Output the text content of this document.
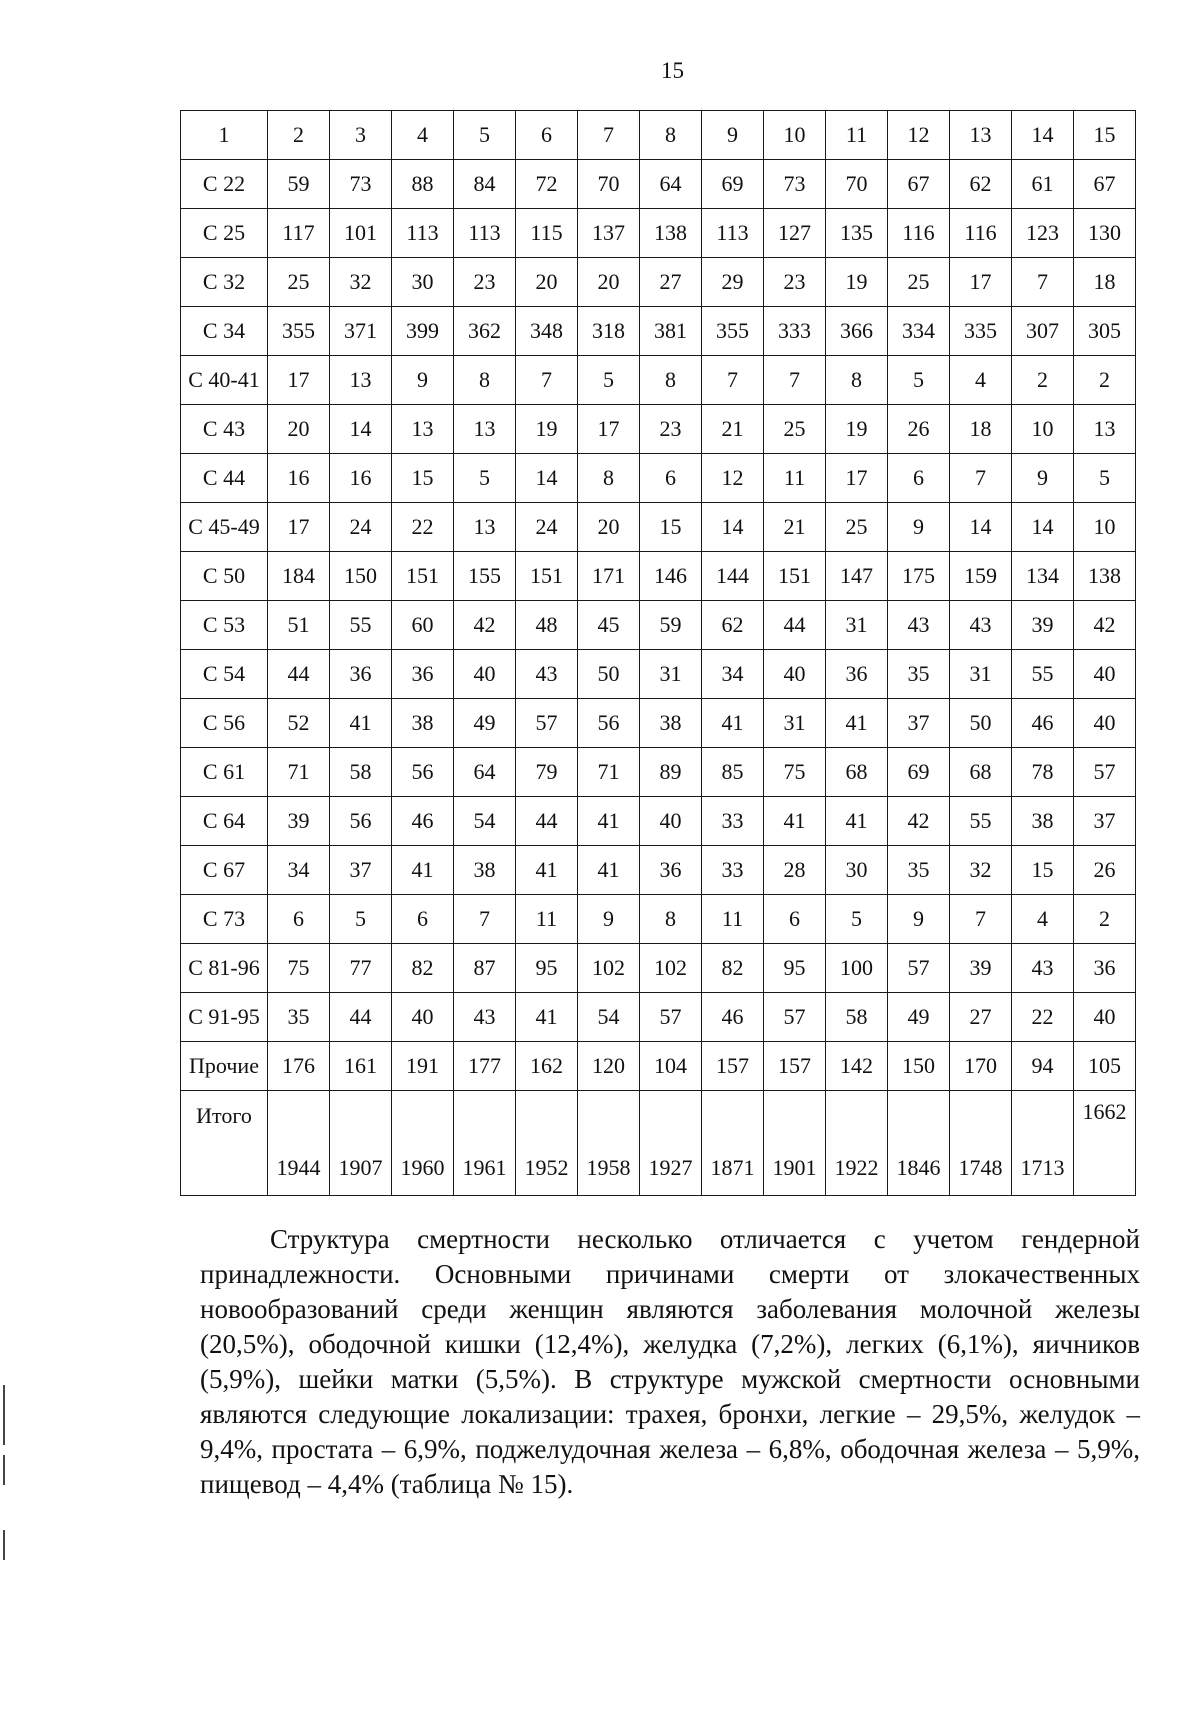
15
1	2	3	4	5	6	7	8	9	10	11	12	13	14	15
С 22	59	73	88	84	72	70	64	69	73	70	67	62	61	67
С 25	117	101	113	113	115	137	138	113	127	135	116	116	123	130
С 32	25	32	30	23	20	20	27	29	23	19	25	17	7	18
С 34	355	371	399	362	348	318	381	355	333	366	334	335	307	305
С 40-41	17	13	9	8	7	5	8	7	7	8	5	4	2	2
С 43	20	14	13	13	19	17	23	21	25	19	26	18	10	13
С 44	16	16	15	5	14	8	6	12	11	17	6	7	9	5
С 45-49	17	24	22	13	24	20	15	14	21	25	9	14	14	10
С 50	184	150	151	155	151	171	146	144	151	147	175	159	134	138
С 53	51	55	60	42	48	45	59	62	44	31	43	43	39	42
С 54	44	36	36	40	43	50	31	34	40	36	35	31	55	40
С 56	52	41	38	49	57	56	38	41	31	41	37	50	46	40
С 61	71	58	56	64	79	71	89	85	75	68	69	68	78	57
С 64	39	56	46	54	44	41	40	33	41	41	42	55	38	37
С 67	34	37	41	38	41	41	36	33	28	30	35	32	15	26
С 73	6	5	6	7	11	9	8	11	6	5	9	7	4	2
С 81-96	75	77	82	87	95	102	102	82	95	100	57	39	43	36
С 91-95	35	44	40	43	41	54	57	46	57	58	49	27	22	40
Прочие	176	161	191	177	162	120	104	157	157	142	150	170	94	105
Итого	1944	1907	1960	1961	1952	1958	1927	1871	1901	1922	1846	1748	1713	1662

Структура смертности несколько отличается с учетом гендерной принадлежности. Основными причинами смерти от злокачественных новообразований среди женщин являются заболевания молочной железы (20,5%), ободочной кишки (12,4%), желудка (7,2%), легких (6,1%), яичников (5,9%), шейки матки (5,5%). В структуре мужской смертности основными являются следующие локализации: трахея, бронхи, легкие – 29,5%, желудок – 9,4%, простата – 6,9%, поджелудочная железа – 6,8%, ободочная железа – 5,9%, пищевод – 4,4% (таблица № 15).
